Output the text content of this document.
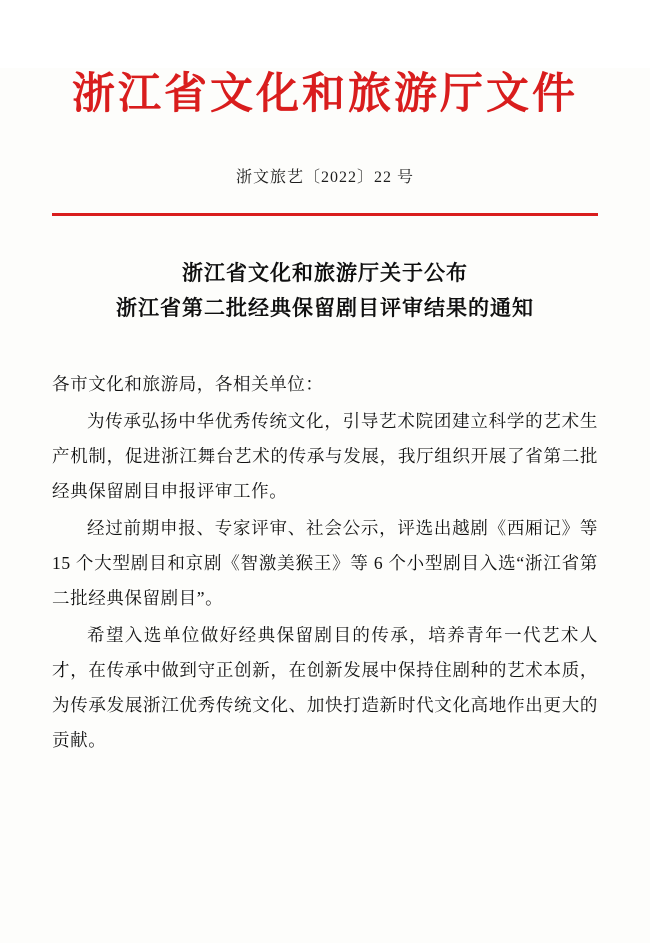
浙江省文化和旅游厅文件
浙文旅艺〔2022〕22 号
浙江省文化和旅游厅关于公布
浙江省第二批经典保留剧目评审结果的通知

各市文化和旅游局，各相关单位：

为传承弘扬中华优秀传统文化，引导艺术院团建立科学的艺术生产机制，促进浙江舞台艺术的传承与发展，我厅组织开展了省第二批经典保留剧目申报评审工作。

经过前期申报、专家评审、社会公示，评选出越剧《西厢记》等 15 个大型剧目和京剧《智激美猴王》等 6 个小型剧目入选“浙江省第二批经典保留剧目”。

希望入选单位做好经典保留剧目的传承，培养青年一代艺术人才，在传承中做到守正创新，在创新发展中保持住剧种的艺术本质，为传承发展浙江优秀传统文化、加快打造新时代文化高地作出更大的贡献。
